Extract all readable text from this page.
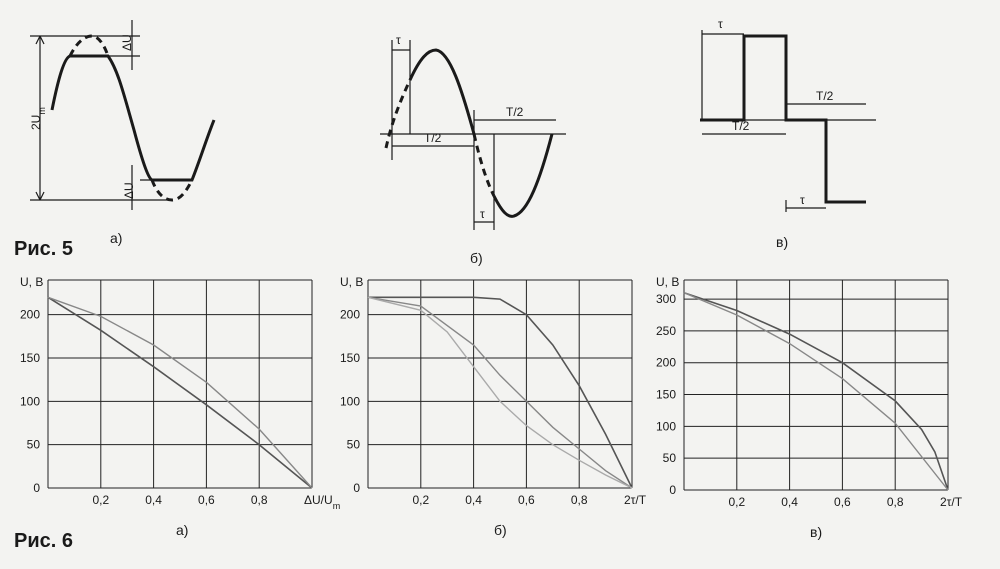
$2U_m$
ΔU
ΔU
τ
T/2
T/2
τ
τ
T/2
T/2
τ
а)
б)
в)
Рис. 5
0
50
100
150
200
0,2	0,4	0,6	0,8
U, В
$\Delta U/U_m$
0
50
100
150
200
0,2	0,4	0,6	0,8
U, В
2τ/T
0
50
100
150
200
250
300
0,2	0,4	0,6	0,8
U, В
2τ/T
а)	б)	в)
Рис. 6
